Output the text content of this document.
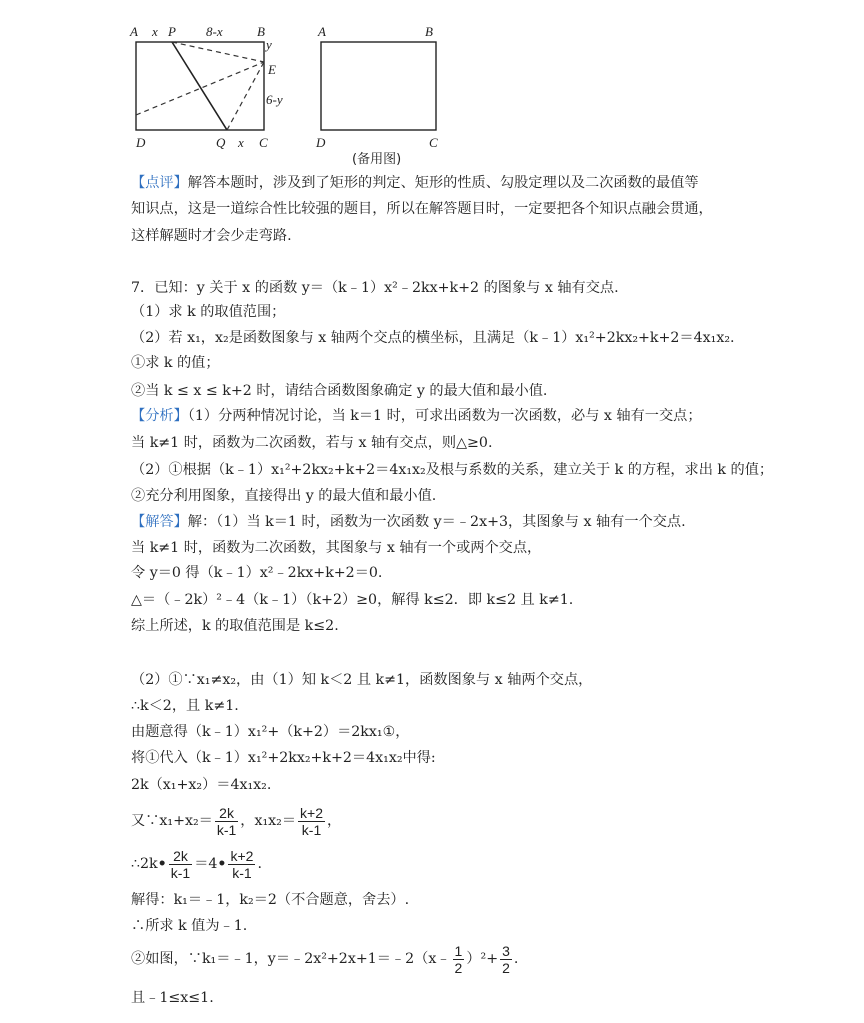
A x P 8-x	B
y
E
6-y
D	Q x C
A	B
D	C
(备用图)
【点评】解答本题时，涉及到了矩形的判定、矩形的性质、勾股定理以及二次函数的最值等
知识点，这是一道综合性比较强的题目，所以在解答题目时，一定要把各个知识点融会贯通，
这样解题时才会少走弯路.
7．已知：y 关于 x 的函数 y＝（k﹣1）x²﹣2kx+k+2 的图象与 x 轴有交点.
（1）求 k 的取值范围；
（2）若 x₁，x₂是函数图象与 x 轴两个交点的横坐标，且满足（k﹣1）x₁²+2kx₂+k+2＝4x₁x₂.
①求 k 的值；
②当 k ≤ x ≤ k+2 时，请结合函数图象确定 y 的最大值和最小值.
【分析】（1）分两种情况讨论，当 k＝1 时，可求出函数为一次函数，必与 x 轴有一交点；
当 k≠1 时，函数为二次函数，若与 x 轴有交点，则△≥0.
（2）①根据（k﹣1）x₁²+2kx₂+k+2＝4x₁x₂及根与系数的关系，建立关于 k 的方程，求出 k 的值；
②充分利用图象，直接得出 y 的最大值和最小值.
【解答】解：（1）当 k＝1 时，函数为一次函数 y＝﹣2x+3，其图象与 x 轴有一个交点.
当 k≠1 时，函数为二次函数，其图象与 x 轴有一个或两个交点，
令 y＝0 得（k﹣1）x²﹣2kx+k+2＝0.
△＝（﹣2k）²﹣4（k﹣1）（k+2）≥0，解得 k≤2．即 k≤2 且 k≠1.
综上所述，k 的取值范围是 k≤2.
（2）①∵x₁≠x₂，由（1）知 k＜2 且 k≠1，函数图象与 x 轴两个交点，
∴k＜2，且 k≠1.
由题意得（k﹣1）x₁²+（k+2）＝2kx₁①，
将①代入（k﹣1）x₁²+2kx₂+k+2＝4x₁x₂中得:
2k（x₁+x₂）＝4x₁x₂.
又∵x₁+x₂＝ $\frac{2k}{k-1}$ ，$x_1x_2= \frac{k+2}{k-1}$ ，
∴2k• $\frac{2k}{k-1}$ ＝4• $\frac{k+2}{k-1}$ .
解得：k₁＝﹣1，k₂＝2（不合题意，舍去）.
∴所求 k 值为﹣1.
②如图，∵k₁＝﹣1，y＝﹣2x²+2x+1＝﹣2（x﹣ $\frac{1}{2} )^2+ \frac{3}{2}$ .
且﹣1≤x≤1.
